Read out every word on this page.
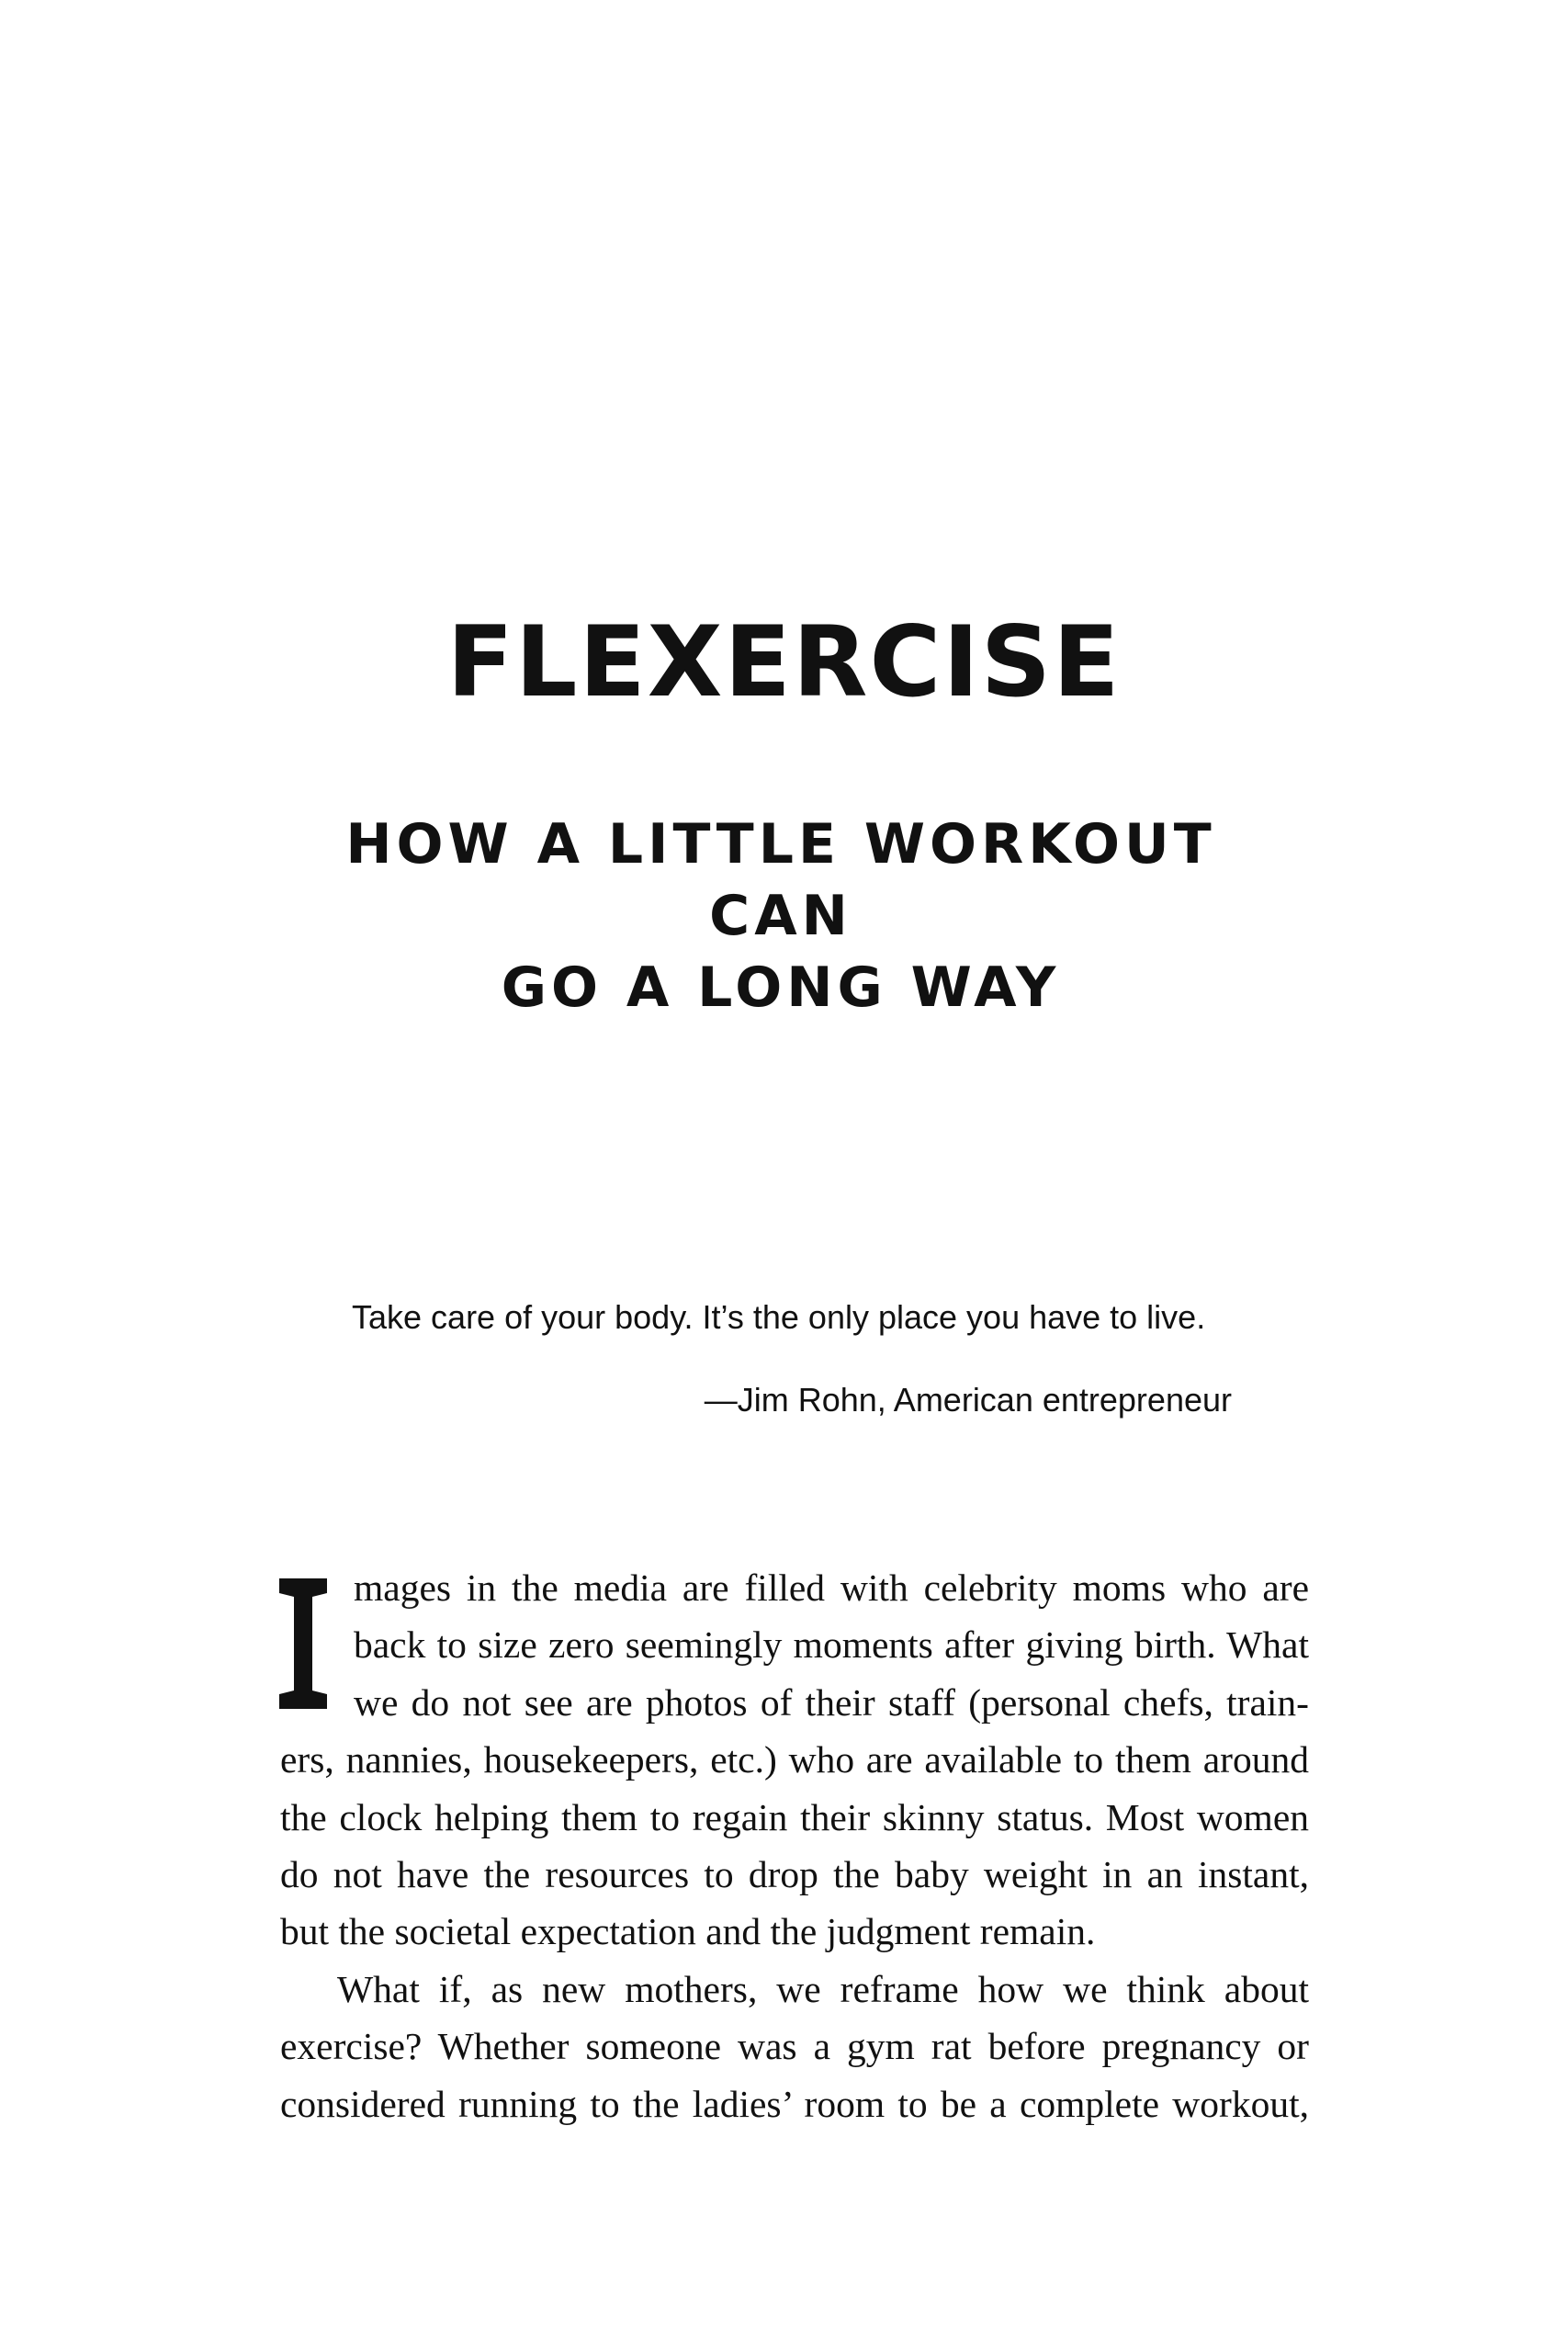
FLEXERCISE
HOW A LITTLE WORKOUT CAN
GO A LONG WAY

Take care of your body. It’s the only place you have to live.

—Jim Rohn, American entrepreneur

mages in the media are filled with celebrity moms who are
back to size zero seemingly moments after giving birth. What
we do not see are photos of their staff (personal chefs, train-
ers, nannies, housekeepers, etc.) who are available to them around
the clock helping them to regain their skinny status. Most women
do not have the resources to drop the baby weight in an instant,
but the societal expectation and the judgment remain.
What if, as new mothers, we reframe how we think about
exercise? Whether someone was a gym rat before pregnancy or
considered running to the ladies’ room to be a complete workout,
